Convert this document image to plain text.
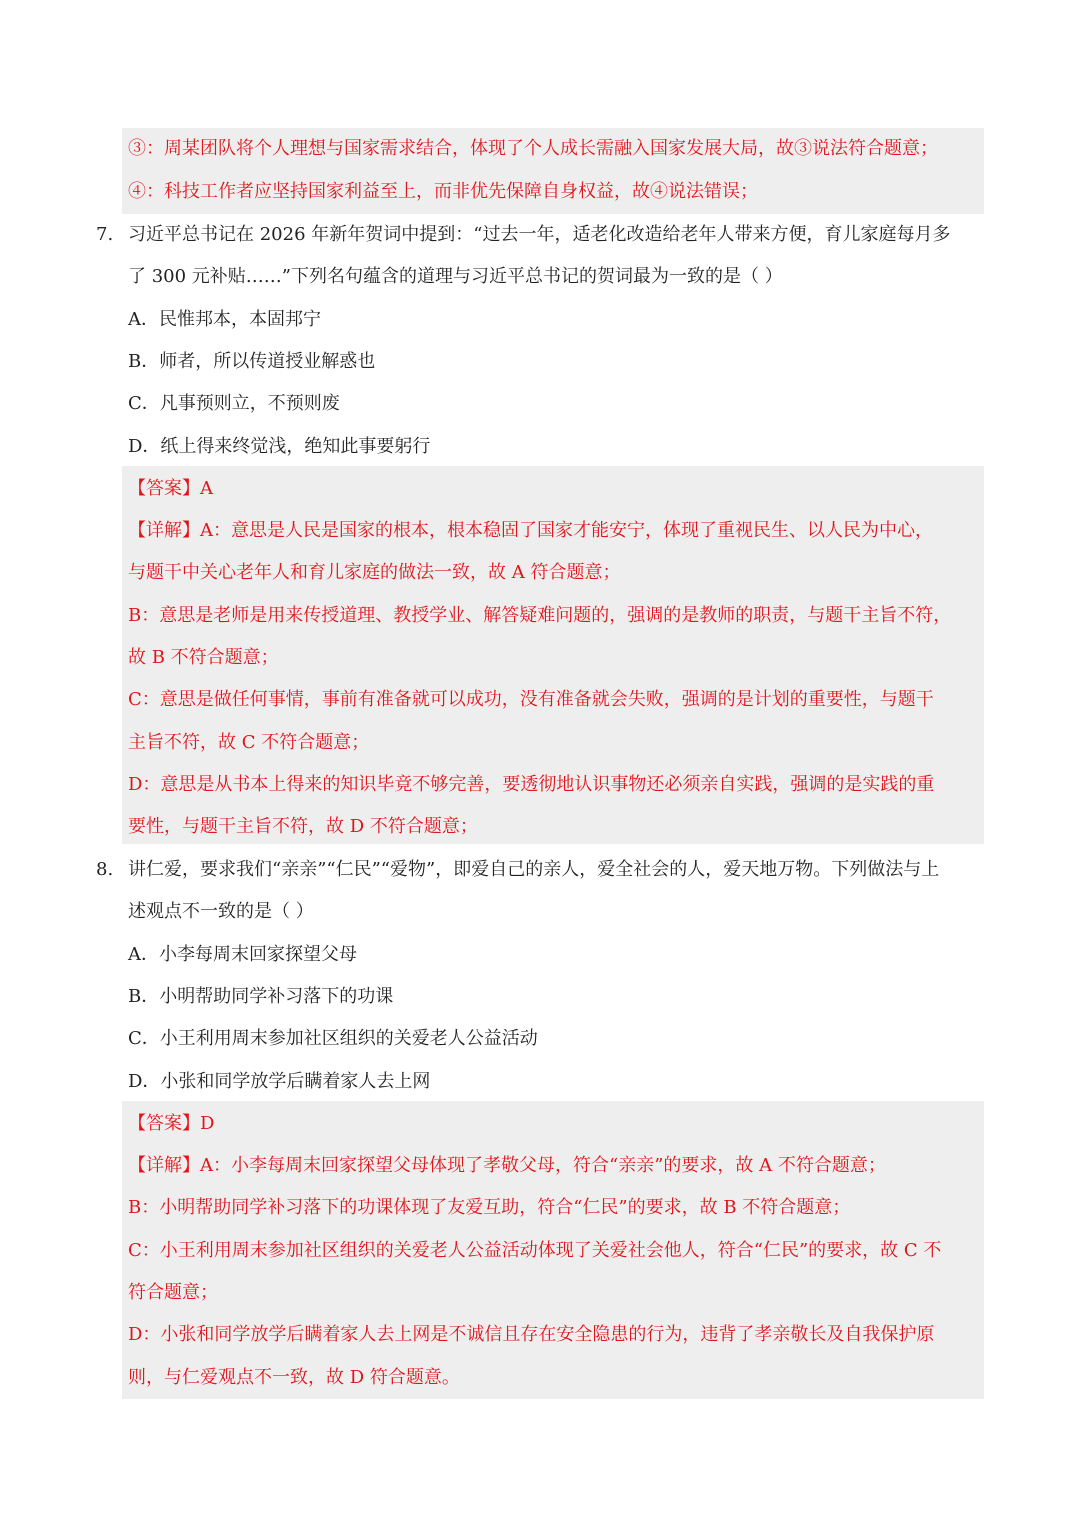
③：周某团队将个人理想与国家需求结合，体现了个人成长需融入国家发展大局，故③说法符合题意；
④：科技工作者应坚持国家利益至上，而非优先保障自身权益，故④说法错误；
7. 习近平总书记在 2026 年新年贺词中提到：“过去一年，适老化改造给老年人带来方便，育儿家庭每月多
了 300 元补贴……”下列名句蕴含的道理与习近平总书记的贺词最为一致的是（ ）
A．民惟邦本，本固邦宁
B．师者，所以传道授业解惑也
C．凡事预则立，不预则废
D．纸上得来终觉浅，绝知此事要躬行
【答案】A
【详解】A：意思是人民是国家的根本，根本稳固了国家才能安宁，体现了重视民生、以人民为中心，
与题干中关心老年人和育儿家庭的做法一致，故 A 符合题意；
B：意思是老师是用来传授道理、教授学业、解答疑难问题的，强调的是教师的职责，与题干主旨不符，
故 B 不符合题意；
C：意思是做任何事情，事前有准备就可以成功，没有准备就会失败，强调的是计划的重要性，与题干
主旨不符，故 C 不符合题意；
D：意思是从书本上得来的知识毕竟不够完善，要透彻地认识事物还必须亲自实践，强调的是实践的重
要性，与题干主旨不符，故 D 不符合题意；
8. 讲仁爱，要求我们“亲亲”“仁民”“爱物”，即爱自己的亲人，爱全社会的人，爱天地万物。下列做法与上
述观点不一致的是（ ）
A．小李每周末回家探望父母
B．小明帮助同学补习落下的功课
C．小王利用周末参加社区组织的关爱老人公益活动
D．小张和同学放学后瞒着家人去上网
【答案】D
【详解】A：小李每周末回家探望父母体现了孝敬父母，符合“亲亲”的要求，故 A 不符合题意；
B：小明帮助同学补习落下的功课体现了友爱互助，符合“仁民”的要求，故 B 不符合题意；
C：小王利用周末参加社区组织的关爱老人公益活动体现了关爱社会他人，符合“仁民”的要求，故 C 不
符合题意；
D：小张和同学放学后瞒着家人去上网是不诚信且存在安全隐患的行为，违背了孝亲敬长及自我保护原
则，与仁爱观点不一致，故 D 符合题意。
